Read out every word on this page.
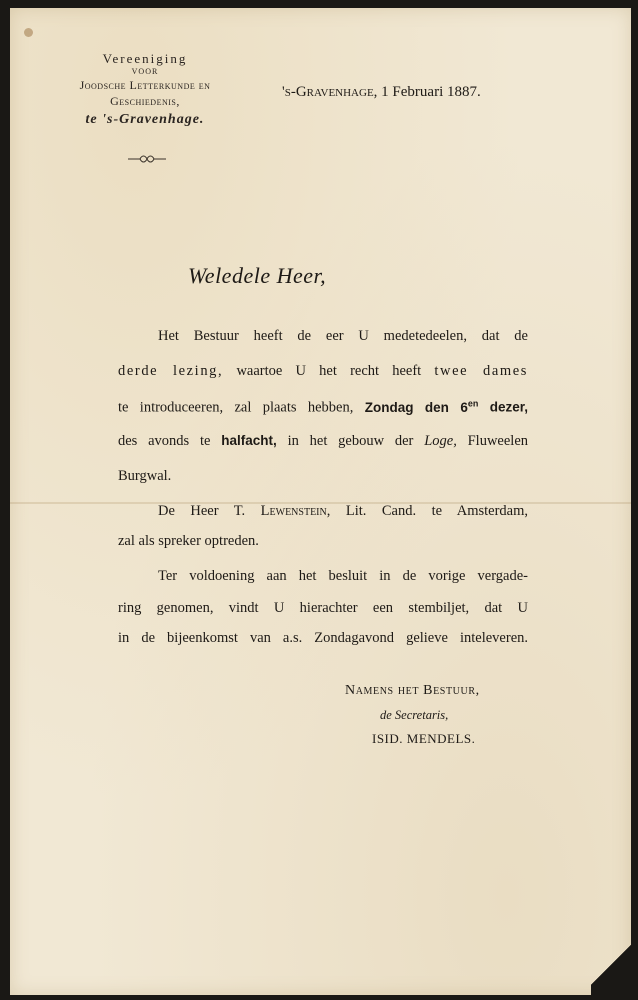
Vereeniging
VOOR
Joodsche Letterkunde en
Geschiedenis,
te 's-Gravenhage.
's-Gravenhage, 1 Februari 1887.
Weledele Heer,
Het Bestuur heeft de eer U medetedeelen, dat de
derde lezing, waartoe U het recht heeft twee dames
te introduceeren, zal plaats hebben, Zondag den $6^{en}$ dezer,
des avonds te halfacht, in het gebouw der Loge, Fluweelen
Burgwal.
De Heer T. Lewenstein, Lit. Cand. te Amsterdam,
zal als spreker optreden.
Ter voldoening aan het besluit in de vorige vergade-
ring genomen, vindt U hierachter een stembiljet, dat U
in de bijeenkomst van a.s. Zondagavond gelieve inteleveren.
Namens het Bestuur,
de Secretaris,
ISID. MENDELS.
